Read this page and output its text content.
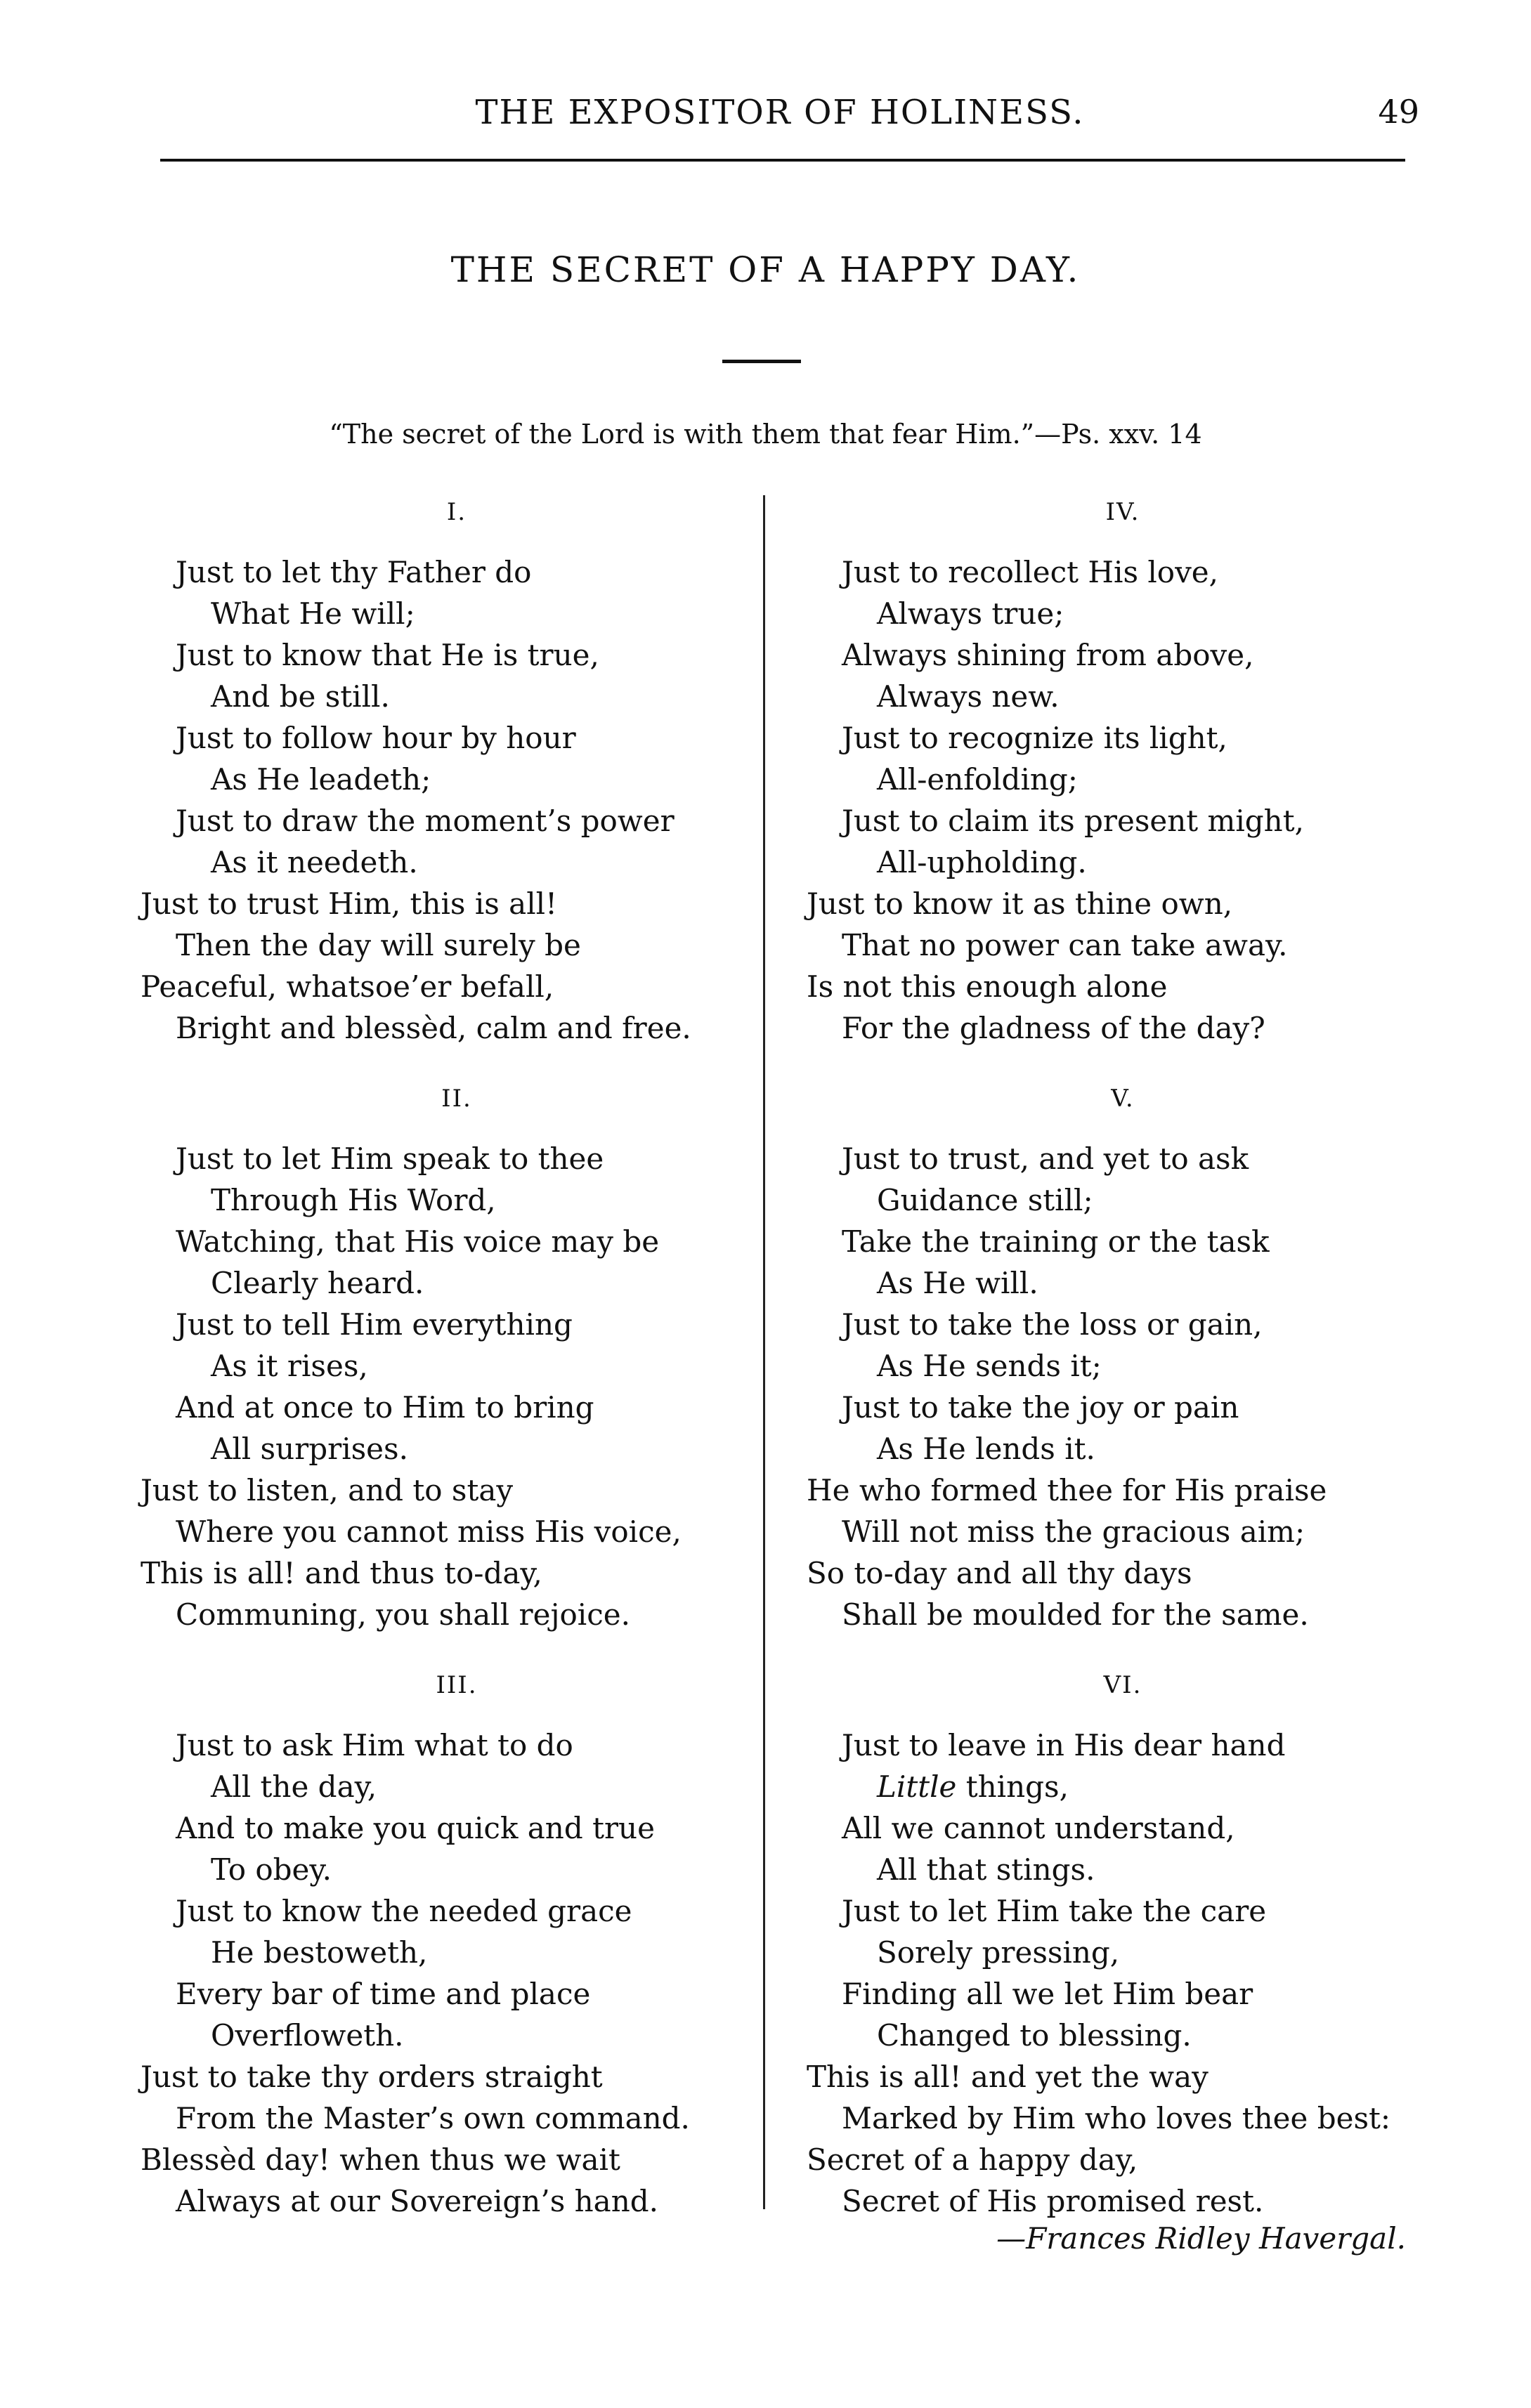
THE EXPOSITOR OF HOLINESS.	49
THE SECRET OF A HAPPY DAY.
“The secret of the Lord is with them that fear Him.”—Ps. xxv. 14
I.
Just to let thy Father do
What He will;
Just to know that He is true,
And be still.
Just to follow hour by hour
As He leadeth;
Just to draw the moment’s power
As it needeth.
Just to trust Him, this is all!
Then the day will surely be
Peaceful, whatsoe’er befall,
Bright and blessèd, calm and free.
II.
Just to let Him speak to thee
Through His Word,
Watching, that His voice may be
Clearly heard.
Just to tell Him everything
As it rises,
And at once to Him to bring
All surprises.
Just to listen, and to stay
Where you cannot miss His voice,
This is all! and thus to-day,
Communing, you shall rejoice.
III.
Just to ask Him what to do
All the day,
And to make you quick and true
To obey.
Just to know the needed grace
He bestoweth,
Every bar of time and place
Overfloweth.
Just to take thy orders straight
From the Master’s own command.
Blessèd day! when thus we wait
Always at our Sovereign’s hand.
IV.
Just to recollect His love,
Always true;
Always shining from above,
Always new.
Just to recognize its light,
All-enfolding;
Just to claim its present might,
All-upholding.
Just to know it as thine own,
That no power can take away.
Is not this enough alone
For the gladness of the day?
V.
Just to trust, and yet to ask
Guidance still;
Take the training or the task
As He will.
Just to take the loss or gain,
As He sends it;
Just to take the joy or pain
As He lends it.
He who formed thee for His praise
Will not miss the gracious aim;
So to-day and all thy days
Shall be moulded for the same.
VI.
Just to leave in His dear hand
Little things,
All we cannot understand,
All that stings.
Just to let Him take the care
Sorely pressing,
Finding all we let Him bear
Changed to blessing.
This is all! and yet the way
Marked by Him who loves thee best:
Secret of a happy day,
Secret of His promised rest.
—Frances Ridley Havergal.
